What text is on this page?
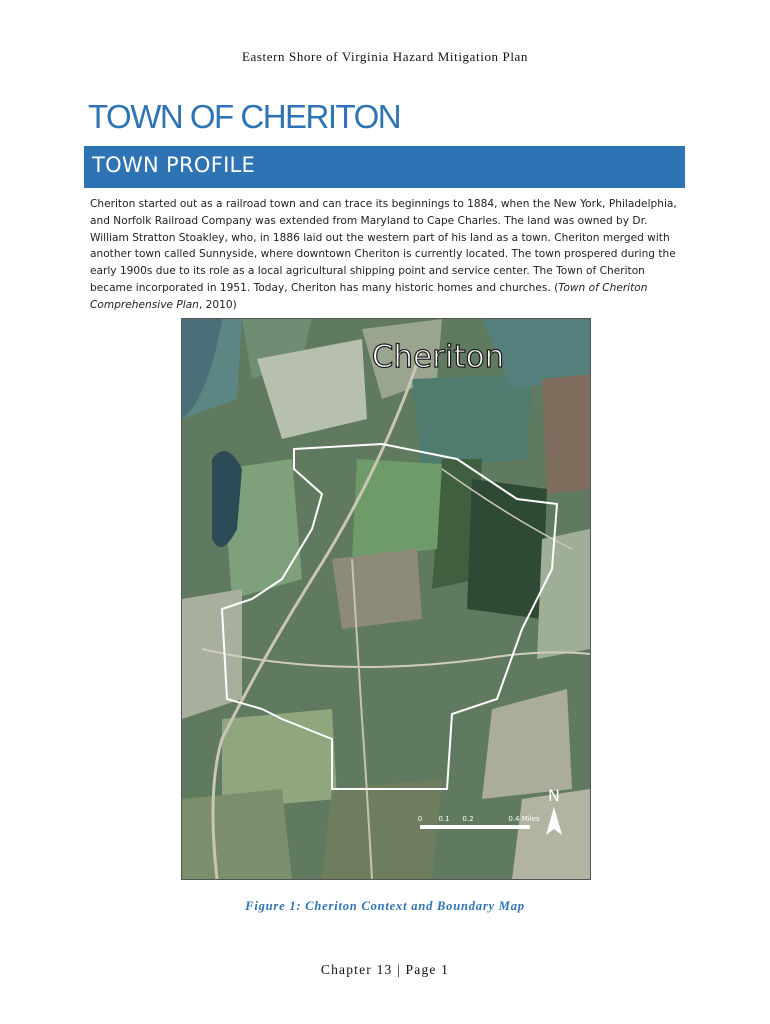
Eastern Shore of Virginia Hazard Mitigation Plan
TOWN OF CHERITON
TOWN PROFILE
Cheriton started out as a railroad town and can trace its beginnings to 1884, when the New York, Philadelphia, and Norfolk Railroad Company was extended from Maryland to Cape Charles. The land was owned by Dr. William Stratton Stoakley, who, in 1886 laid out the western part of his land as a town. Cheriton merged with another town called Sunnyside, where downtown Cheriton is currently located. The town prospered during the early 1900s due to its role as a local agricultural shipping point and service center. The Town of Cheriton became incorporated in 1951. Today, Cheriton has many historic homes and churches. (Town of Cheriton Comprehensive Plan, 2010)
Cheriton
N
0 0.1 0.2	0.4 Miles
Figure 1: Cheriton Context and Boundary Map
Chapter 13 | Page 1
